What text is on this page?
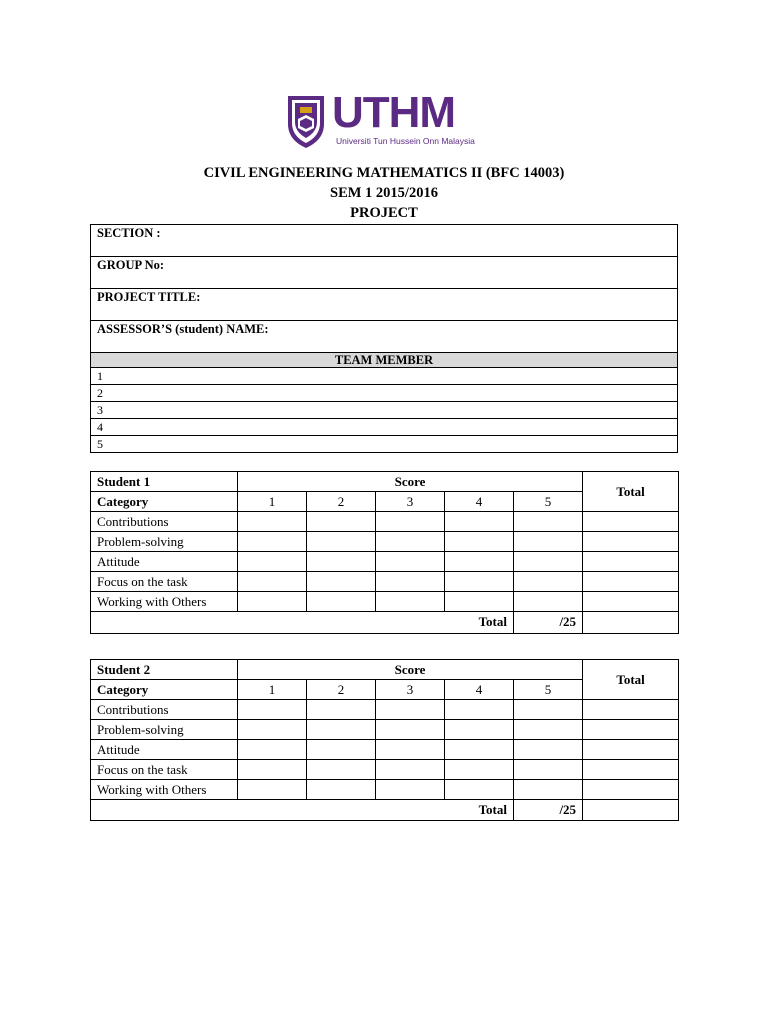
UTHM
Universiti Tun Hussein Onn Malaysia
CIVIL ENGINEERING MATHEMATICS II (BFC 14003)
SEM 1 2015/2016
PROJECT
SECTION :
GROUP No:
PROJECT TITLE:
ASSESSOR’S (student) NAME:
TEAM MEMBER
1
2
3
4
5
Student 1	Score					Total
Category	1	2	3	4	5	
Contributions						
Problem-solving						
Attitude						
Focus on the task						
Working with Others						
Total					/25	
Student 2	Score					Total
Category	1	2	3	4	5	
Contributions						
Problem-solving						
Attitude						
Focus on the task						
Working with Others						
Total					/25	
